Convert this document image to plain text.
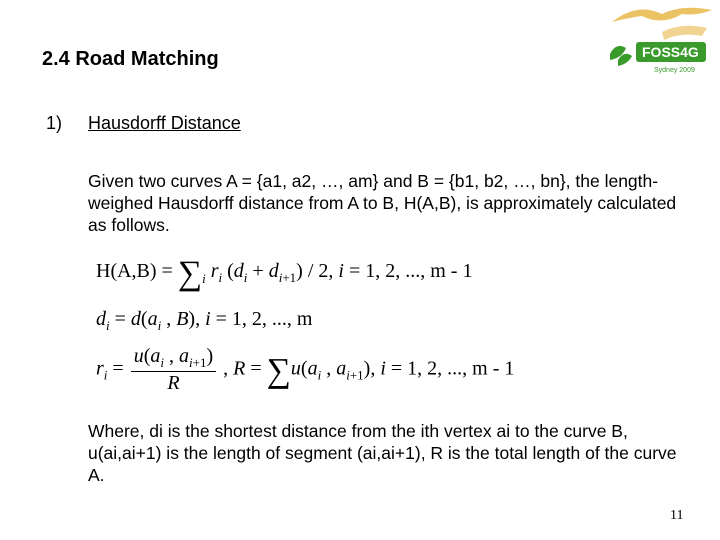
2.4 Road Matching	FOSS4G
Sydney 2009
1) Hausdorff Distance
Given two curves A = {a1, a2, …, am} and B = {b1, b2, …, bn}, the length-weighed Hausdorff distance from A to B, H(A,B), is approximately calculated as follows.
$H(A,B) = \sum_i$ $r_i$ $(d_i + d_{i+1}) / 2$, i = 1, 2, ..., m - 1
$d_i = d(a_i$ , B), i = 1, 2, ..., m
$r_i = \frac{u(a_i , a_{i+1})}{R}$ , $R = \sum u(a_i$ , $a_{i+1}$), i = 1, 2, ..., m - 1
Where, di is the shortest distance from the ith vertex ai to the curve B, u(ai,ai+1) is the length of segment (ai,ai+1), R is the total length of the curve A.
11
